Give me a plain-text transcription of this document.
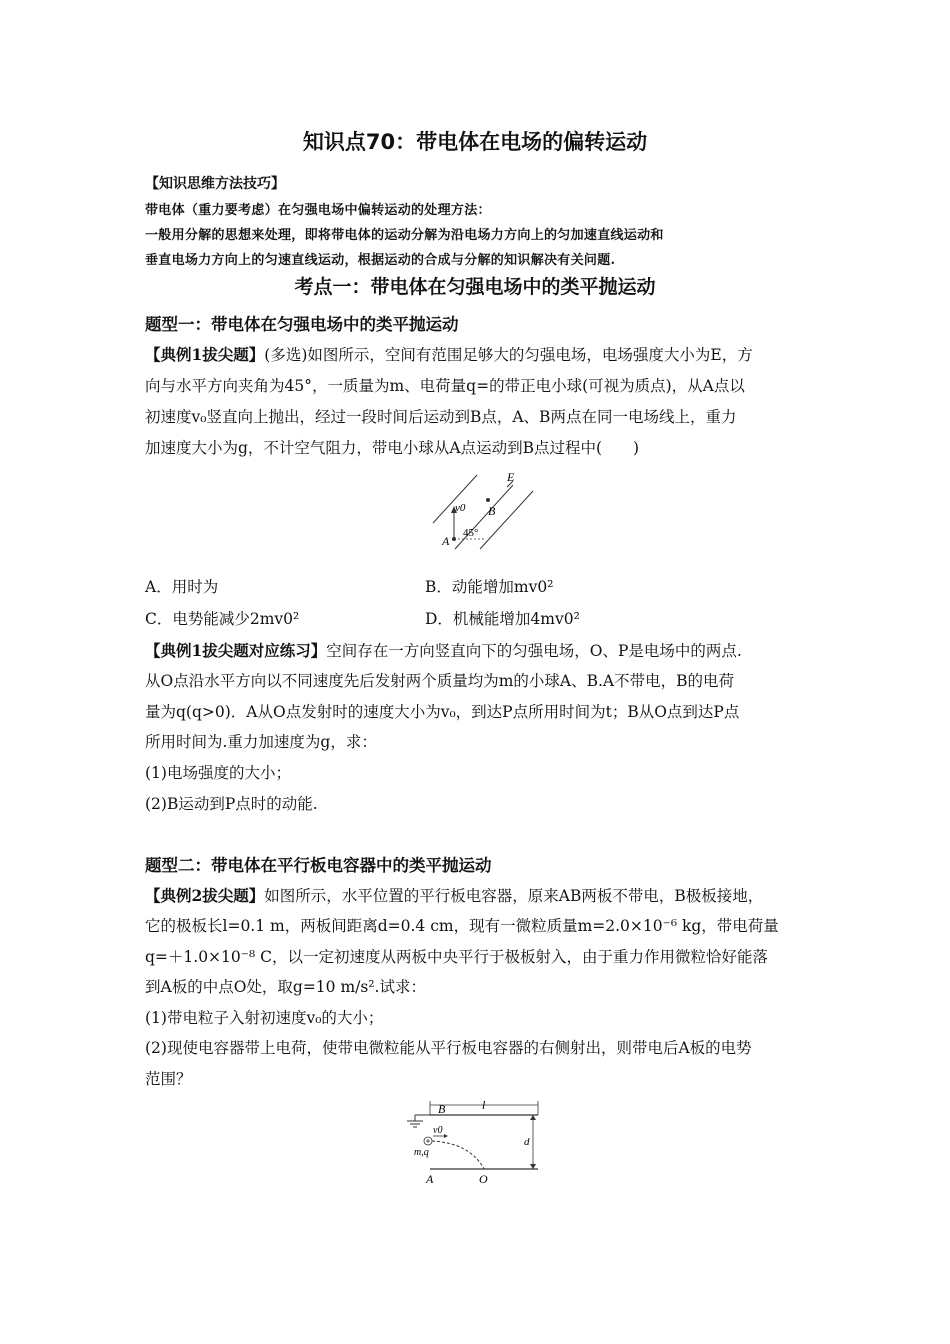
知识点70：带电体在电场的偏转运动
【知识思维方法技巧】
带电体（重力要考虑）在匀强电场中偏转运动的处理方法：
一般用分解的思想来处理，即将带电体的运动分解为沿电场力方向上的匀加速直线运动和
垂直电场力方向上的匀速直线运动，根据运动的合成与分解的知识解决有关问题.
考点一：带电体在匀强电场中的类平抛运动
题型一：带电体在匀强电场中的类平抛运动
【典例1拔尖题】(多选)如图所示，空间有范围足够大的匀强电场，电场强度大小为E，方
向与水平方向夹角为45°，一质量为m、电荷量q=的带正电小球(可视为质点)，从A点以
初速度v₀竖直向上抛出，经过一段时间后运动到B点，A、B两点在同一电场线上，重力
加速度大小为g，不计空气阻力，带电小球从A点运动到B点过程中(　　)
v0
E
B
A
45°
A．用时为	B．动能增加mv0²
C．电势能减少2mv0²	D．机械能增加4mv0²
【典例1拔尖题对应练习】空间存在一方向竖直向下的匀强电场，O、P是电场中的两点.
从O点沿水平方向以不同速度先后发射两个质量均为m的小球A、B.A不带电，B的电荷
量为q(q>0)．A从O点发射时的速度大小为v₀，到达P点所用时间为t；B从O点到达P点
所用时间为.重力加速度为g，求：
(1)电场强度的大小；
(2)B运动到P点时的动能.
题型二：带电体在平行板电容器中的类平抛运动
【典例2拔尖题】如图所示，水平位置的平行板电容器，原来AB两板不带电，B极板接地，
它的极板长l=0.1 m，两板间距离d=0.4 cm，现有一微粒质量m=2.0×10⁻⁶ kg，带电荷量
q=＋1.0×10⁻⁸ C，以一定初速度从两板中央平行于极板射入，由于重力作用微粒恰好能落
到A板的中点O处，取g=10 m/s².试求：
(1)带电粒子入射初速度v₀的大小；
(2)现使电容器带上电荷，使带电微粒能从平行板电容器的右侧射出，则带电后A板的电势
范围？
B	l
v0
m,q
d
A	O
